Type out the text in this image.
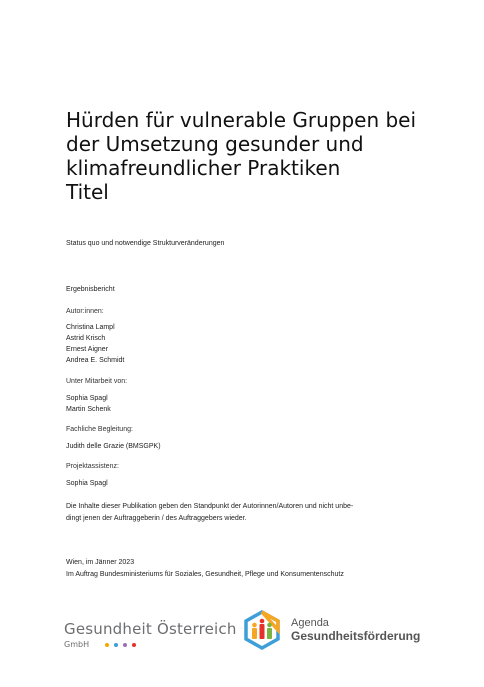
Hürden für vulnerable Gruppen bei
der Umsetzung gesunder und
klimafreundlicher Praktiken
Titel
Status quo und notwendige Strukturveränderungen
Ergebnisbericht
Autor:innen:
Christina Lampl
Astrid Krisch
Ernest Aigner
Andrea E. Schmidt
Unter Mitarbeit von:
Sophia Spagl
Martin Schenk
Fachliche Begleitung:
Judith delle Grazie (BMSGPK)
Projektassistenz:
Sophia Spagl
Die Inhalte dieser Publikation geben den Standpunkt der Autorinnen/Autoren und nicht unbe-
dingt jenen der Auftraggeberin / des Auftraggebers wieder.
Wien, im Jänner 2023
Im Auftrag Bundesministeriums für Soziales, Gesundheit, Pflege und Konsumentenschutz
Gesundheit Österreich
GmbH
Agenda
Gesundheitsförderung
